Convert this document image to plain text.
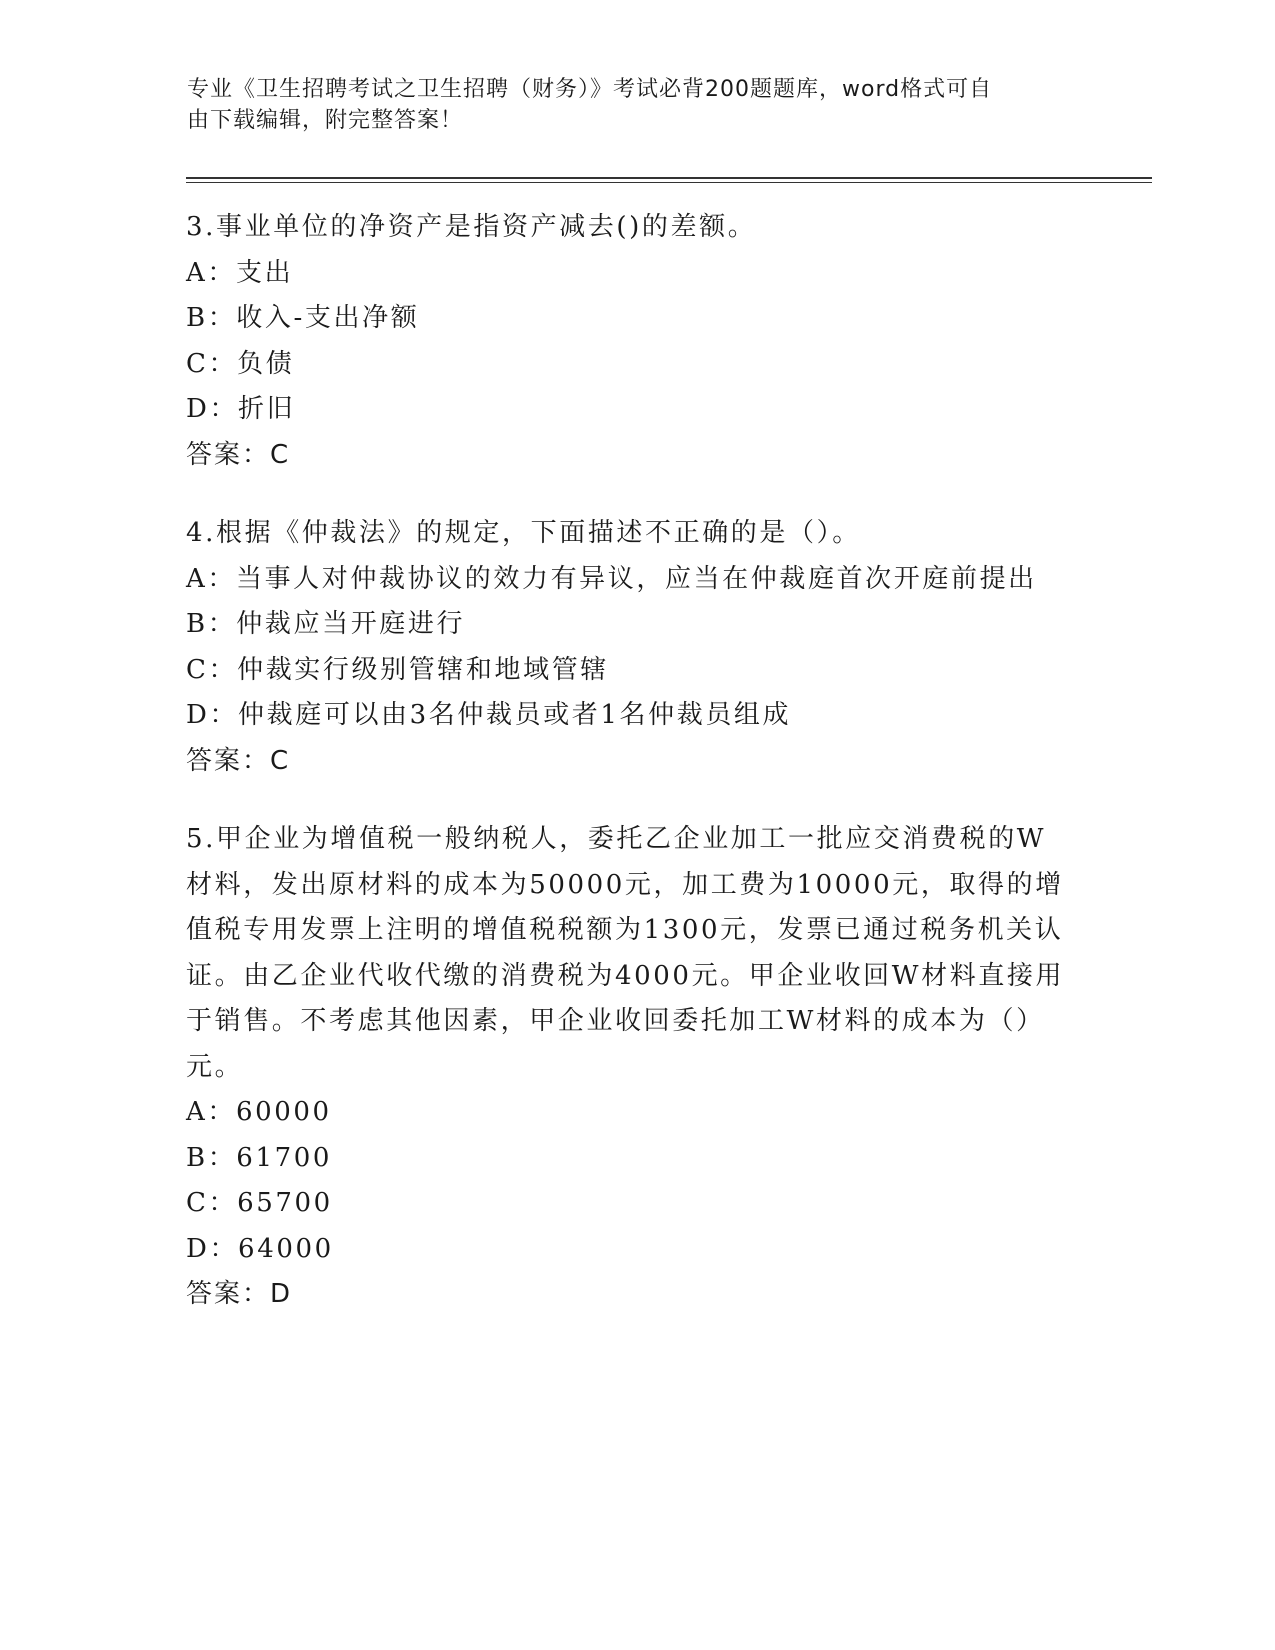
专业《卫生招聘考试之卫生招聘（财务）》考试必背200题题库，word格式可自
由下载编辑，附完整答案！
3.事业单位的净资产是指资产减去()的差额。
A：支出
B：收入-支出净额
C：负债
D：折旧
答案：C
4.根据《仲裁法》的规定，下面描述不正确的是（）。
A：当事人对仲裁协议的效力有异议，应当在仲裁庭首次开庭前提出
B：仲裁应当开庭进行
C：仲裁实行级别管辖和地域管辖
D：仲裁庭可以由3名仲裁员或者1名仲裁员组成
答案：C
5.甲企业为增值税一般纳税人，委托乙企业加工一批应交消费税的W
材料，发出原材料的成本为50000元，加工费为10000元，取得的增
值税专用发票上注明的增值税税额为1300元，发票已通过税务机关认
证。由乙企业代收代缴的消费税为4000元。甲企业收回W材料直接用
于销售。不考虑其他因素，甲企业收回委托加工W材料的成本为（）
元。
A：60000
B：61700
C：65700
D：64000
答案：D
